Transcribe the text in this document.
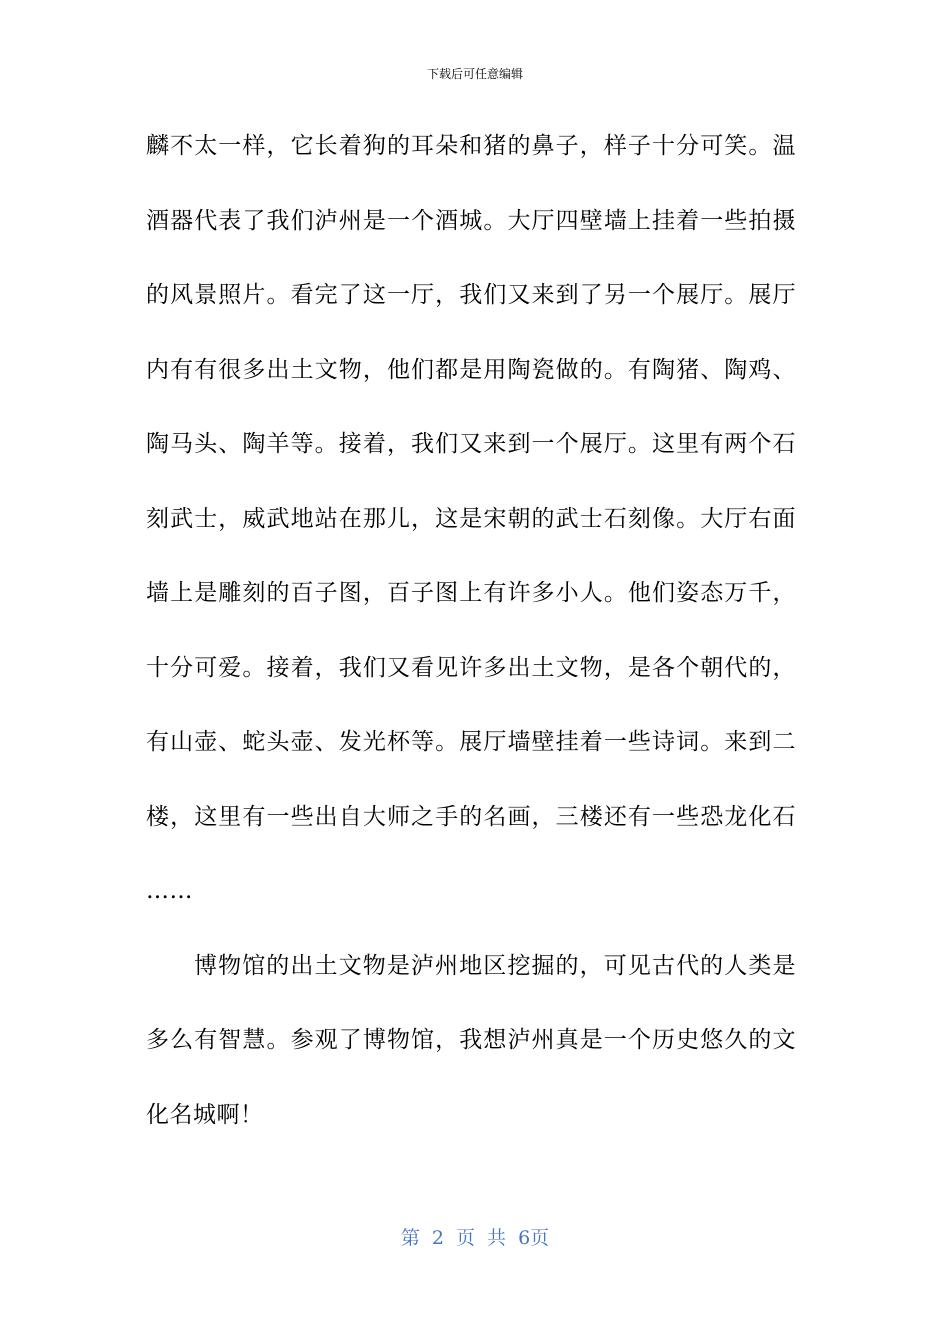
下载后可任意编辑
麟不太一样，它长着狗的耳朵和猪的鼻子，样子十分可笑。温
酒器代表了我们泸州是一个酒城。大厅四壁墙上挂着一些拍摄
的风景照片。看完了这一厅，我们又来到了另一个展厅。展厅
内有有很多出土文物，他们都是用陶瓷做的。有陶猪、陶鸡、
陶马头、陶羊等。接着，我们又来到一个展厅。这里有两个石
刻武士，威武地站在那儿，这是宋朝的武士石刻像。大厅右面
墙上是雕刻的百子图，百子图上有许多小人。他们姿态万千，
十分可爱。接着，我们又看见许多出土文物，是各个朝代的，
有山壶、蛇头壶、发光杯等。展厅墙壁挂着一些诗词。来到二
楼，这里有一些出自大师之手的名画，三楼还有一些恐龙化石
……
博物馆的出土文物是泸州地区挖掘的，可见古代的人类是
多么有智慧。参观了博物馆，我想泸州真是一个历史悠久的文
化名城啊！
第 2 页 共 6页
